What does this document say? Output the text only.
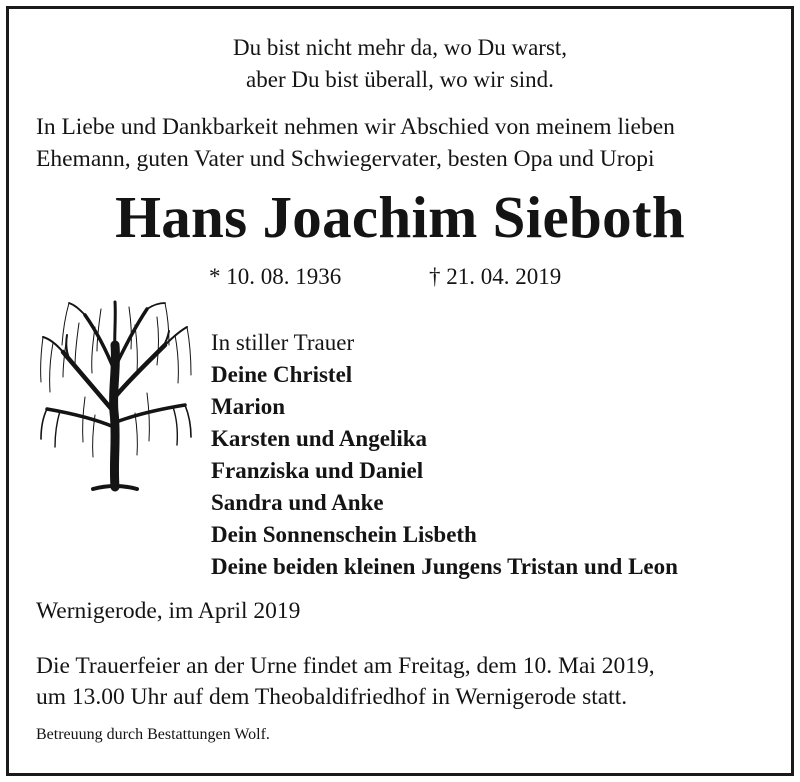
Du bist nicht mehr da, wo Du warst,
aber Du bist überall, wo wir sind.
In Liebe und Dankbarkeit nehmen wir Abschied von meinem lieben
Ehemann, guten Vater und Schwiegervater, besten Opa und Uropi
Hans Joachim Sieboth
* 10. 08. 1936	† 21. 04. 2019
In stiller Trauer
Deine Christel
Marion
Karsten und Angelika
Franziska und Daniel
Sandra und Anke
Dein Sonnenschein Lisbeth
Deine beiden kleinen Jungens Tristan und Leon
Wernigerode, im April 2019
Die Trauerfeier an der Urne findet am Freitag, dem 10. Mai 2019,
um 13.00 Uhr auf dem Theobaldifriedhof in Wernigerode statt.
Betreuung durch Bestattungen Wolf.
